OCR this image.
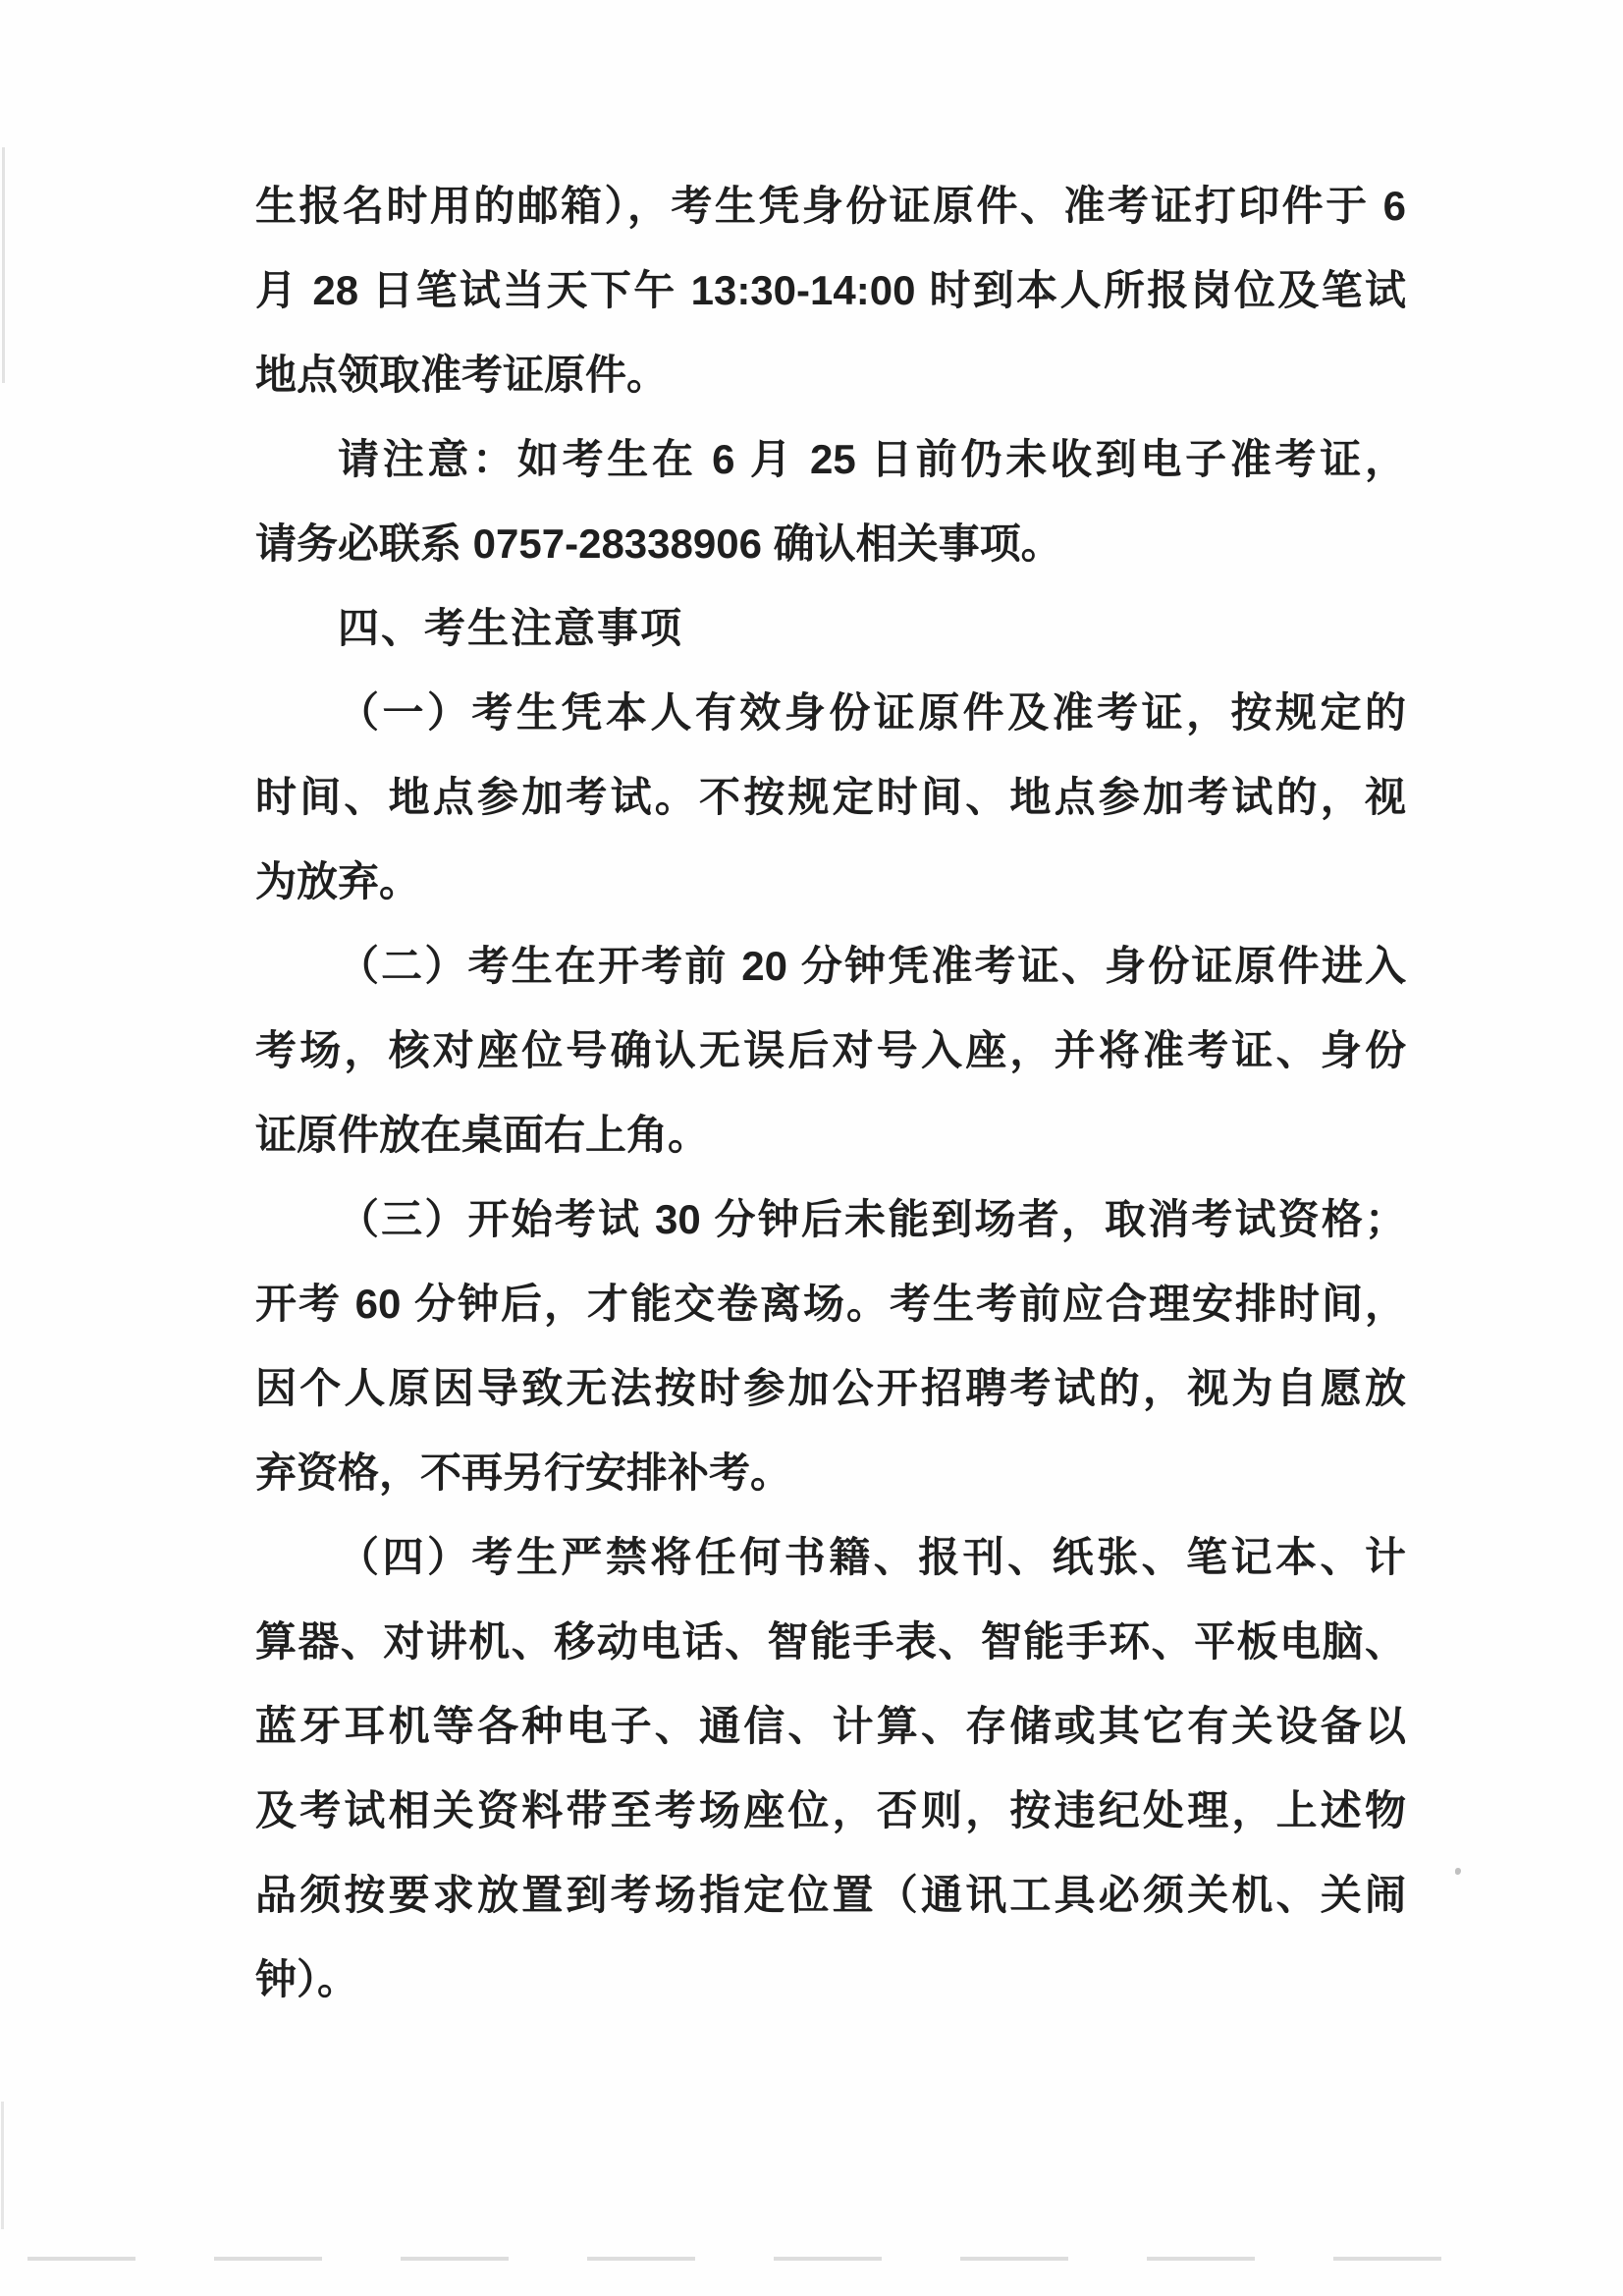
生报名时用的邮箱），考生凭身份证原件、准考证打印件于 6
月 28 日笔试当天下午 13:30-14:00 时到本人所报岗位及笔试
地点领取准考证原件。
请注意：如考生在 6 月 25 日前仍未收到电子准考证，
请务必联系 0757-28338906 确认相关事项。
四、考生注意事项
（一）考生凭本人有效身份证原件及准考证，按规定的
时间、地点参加考试。不按规定时间、地点参加考试的，视
为放弃。
（二）考生在开考前 20 分钟凭准考证、身份证原件进入
考场，核对座位号确认无误后对号入座，并将准考证、身份
证原件放在桌面右上角。
（三）开始考试 30 分钟后未能到场者，取消考试资格；
开考 60 分钟后，才能交卷离场。考生考前应合理安排时间，
因个人原因导致无法按时参加公开招聘考试的，视为自愿放
弃资格，不再另行安排补考。
（四）考生严禁将任何书籍、报刊、纸张、笔记本、计
算器、对讲机、移动电话、智能手表、智能手环、平板电脑、
蓝牙耳机等各种电子、通信、计算、存储或其它有关设备以
及考试相关资料带至考场座位，否则，按违纪处理，上述物
品须按要求放置到考场指定位置（通讯工具必须关机、关闹
钟）。
